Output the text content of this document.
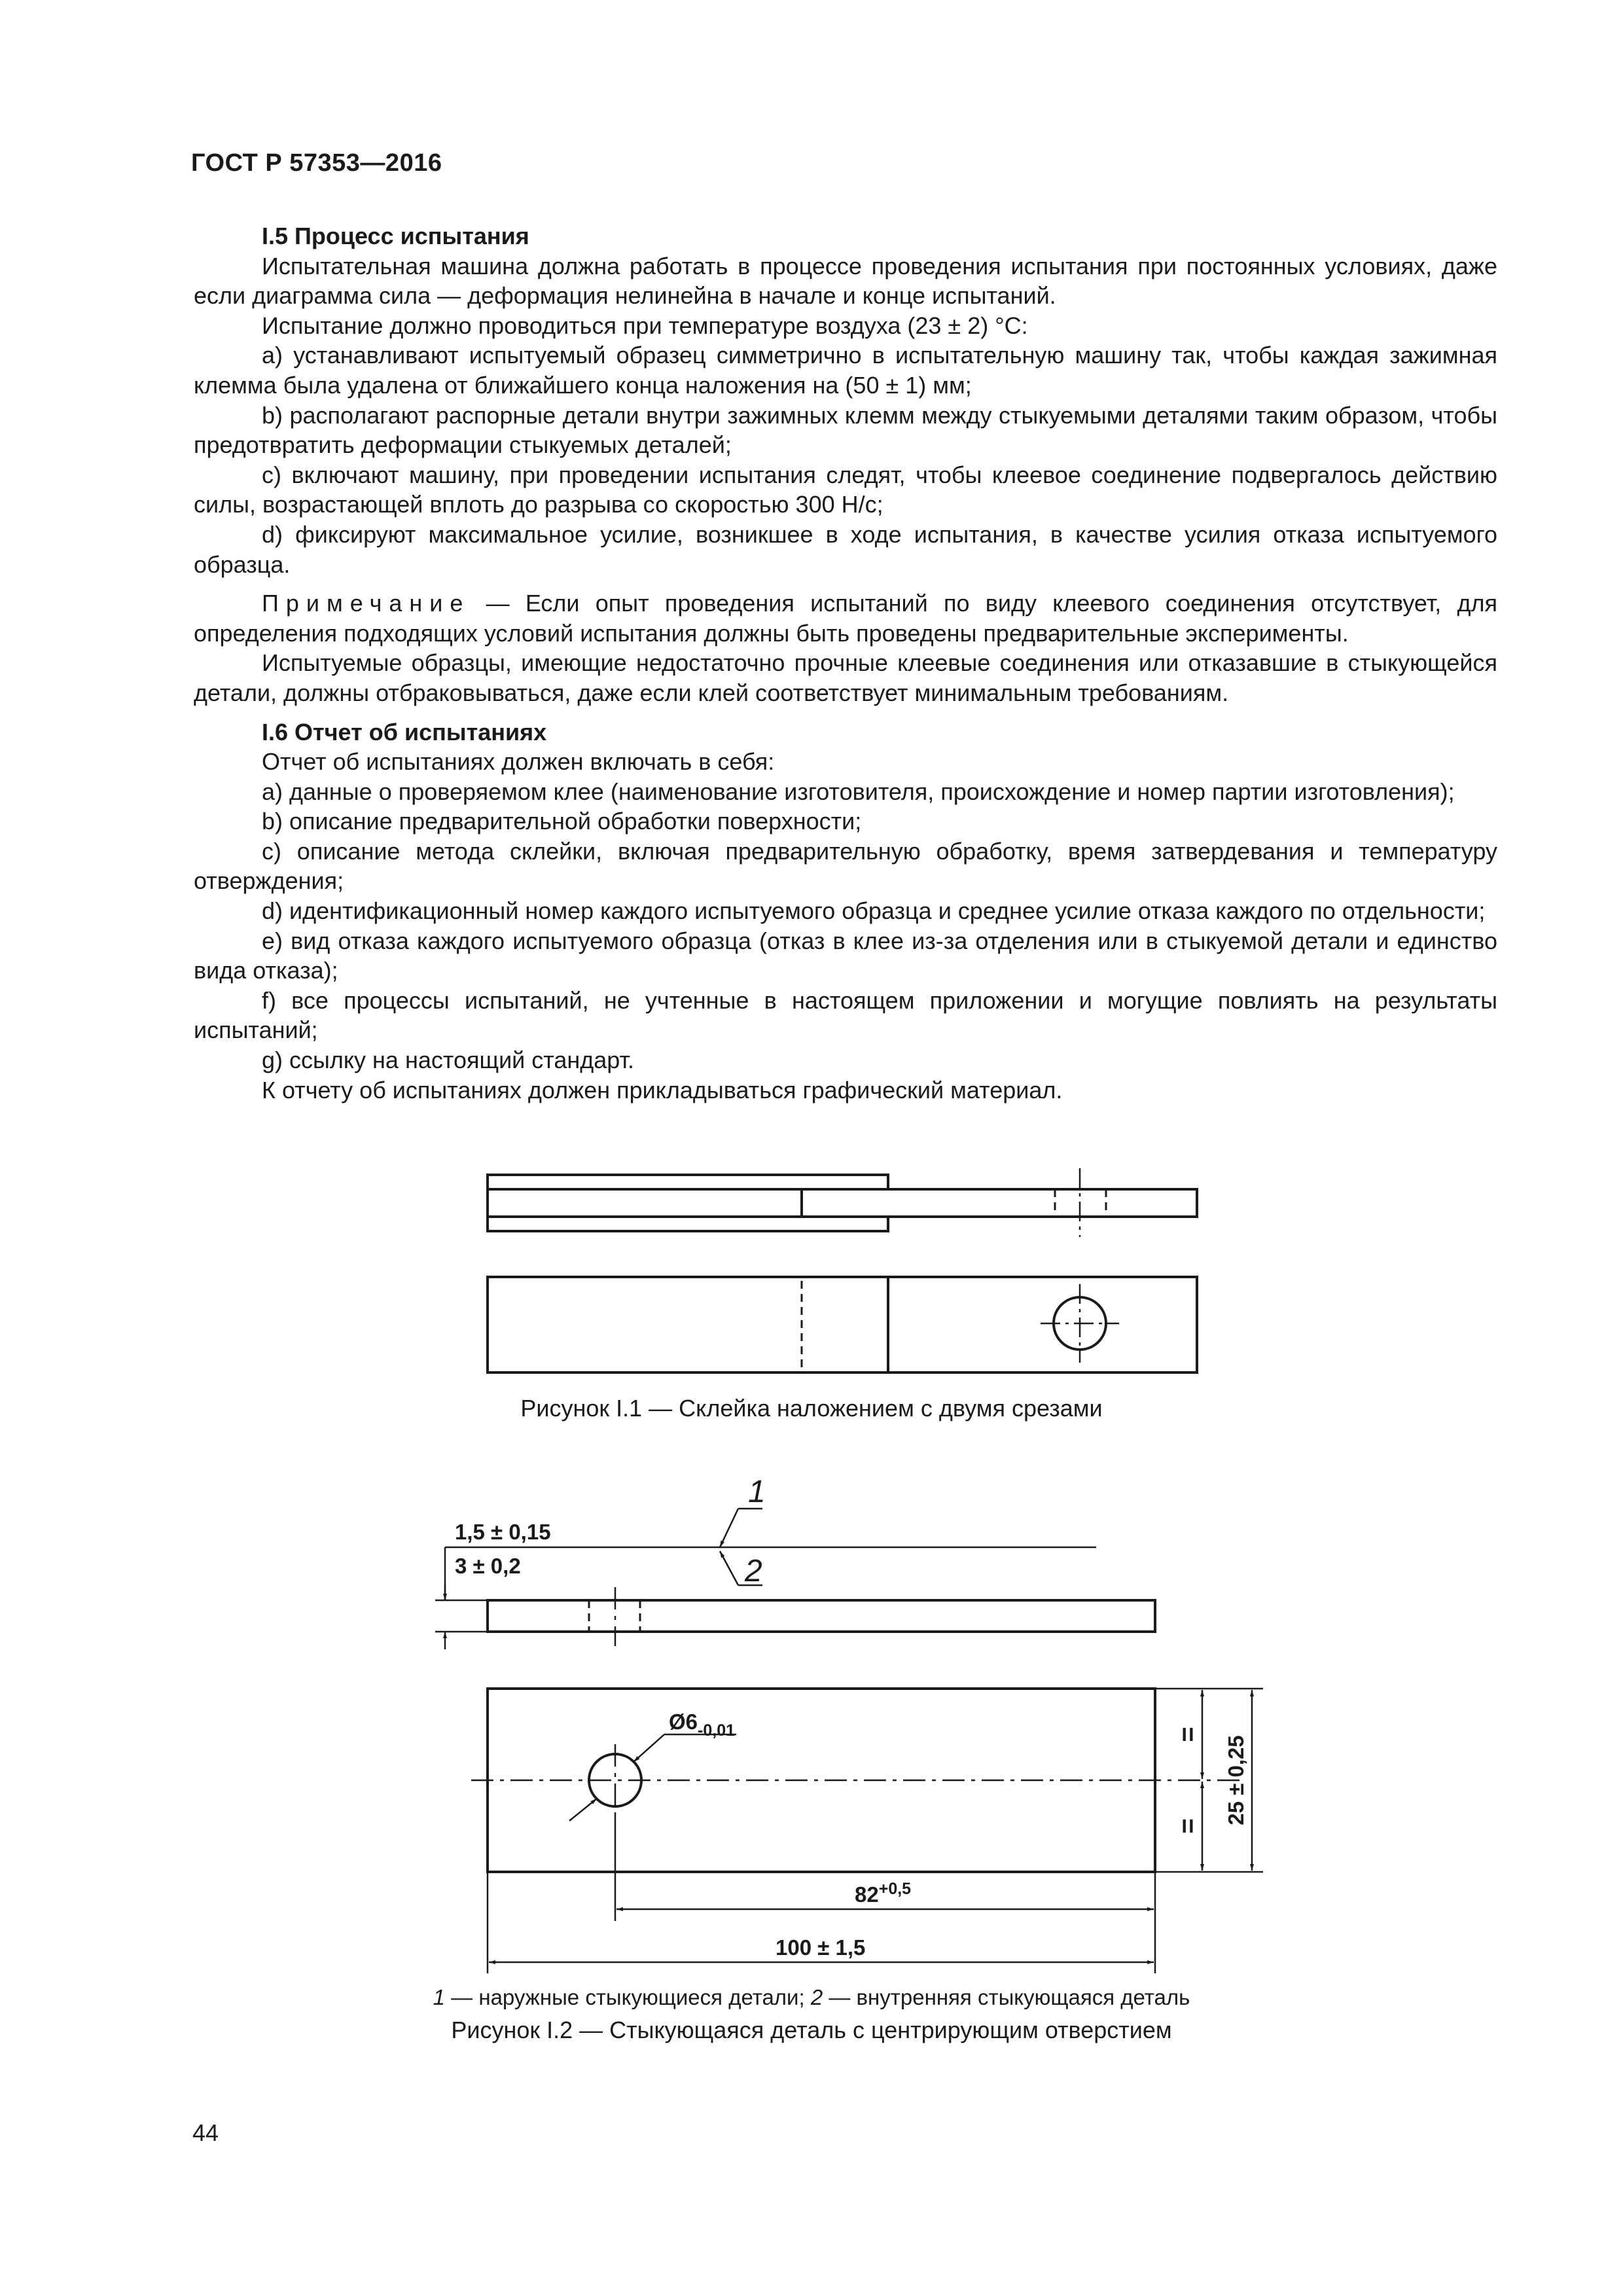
ГОСТ Р 57353—2016

I.5 Процесс испытания

Испытательная машина должна работать в процессе проведения испытания при постоянных условиях, даже если диаграмма сила — деформация нелинейна в начале и конце испытаний.

Испытание должно проводиться при температуре воздуха (23 ± 2) °С:

a) устанавливают испытуемый образец симметрично в испытательную машину так, чтобы каждая зажимная клемма была удалена от ближайшего конца наложения на (50 ± 1) мм;

b) располагают распорные детали внутри зажимных клемм между стыкуемыми деталями таким образом, чтобы предотвратить деформации стыкуемых деталей;

c) включают машину, при проведении испытания следят, чтобы клеевое соединение подвергалось действию силы, возрастающей вплоть до разрыва со скоростью 300 Н/с;

d) фиксируют максимальное усилие, возникшее в ходе испытания, в качестве усилия отказа испытуемого образца.

Примечание — Если опыт проведения испытаний по виду клеевого соединения отсутствует, для определения подходящих условий испытания должны быть проведены предварительные эксперименты.

Испытуемые образцы, имеющие недостаточно прочные клеевые соединения или отказавшие в стыкующейся детали, должны отбраковываться, даже если клей соответствует минимальным требованиям.

I.6 Отчет об испытаниях

Отчет об испытаниях должен включать в себя:

a) данные о проверяемом клее (наименование изготовителя, происхождение и номер партии изготовления);

b) описание предварительной обработки поверхности;

c) описание метода склейки, включая предварительную обработку, время затвердевания и температуру отверждения;

d) идентификационный номер каждого испытуемого образца и среднее усилие отказа каждого по отдельности;

e) вид отказа каждого испытуемого образца (отказ в клее из-за отделения или в стыкуемой детали и единство вида отказа);

f) все процессы испытаний, не учтенные в настоящем приложении и могущие повлиять на результаты испытаний;

g) ссылку на настоящий стандарт.

К отчету об испытаниях должен прикладываться графический материал.

Рисунок I.1 — Склейка наложением с двумя срезами
1
2
1,5 ± 0,15
3 ± 0,2
$Ø6_{-0,01}$
$82^{+0,5}$
100 ± 1,5
25 ± 0,25
=
=
1 — наружные стыкующиеся детали; 2 — внутренняя стыкующаяся деталь
Рисунок I.2 — Стыкующаяся деталь с центрирующим отверстием
44
